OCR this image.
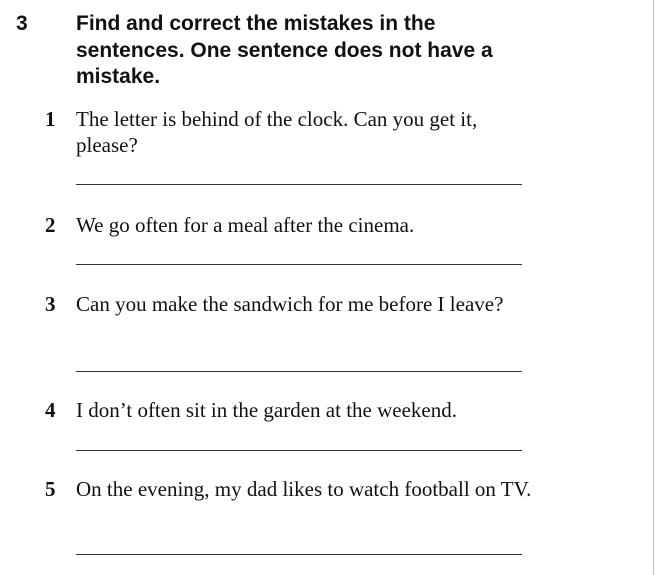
3 Find and correct the mistakes in the sentences. One sentence does not have a mistake.
1 The letter is behind of the clock. Can you get it, please?
2 We go often for a meal after the cinema.
3 Can you make the sandwich for me before I leave?
4 I don’t often sit in the garden at the weekend.
5 On the evening, my dad likes to watch football on TV.
